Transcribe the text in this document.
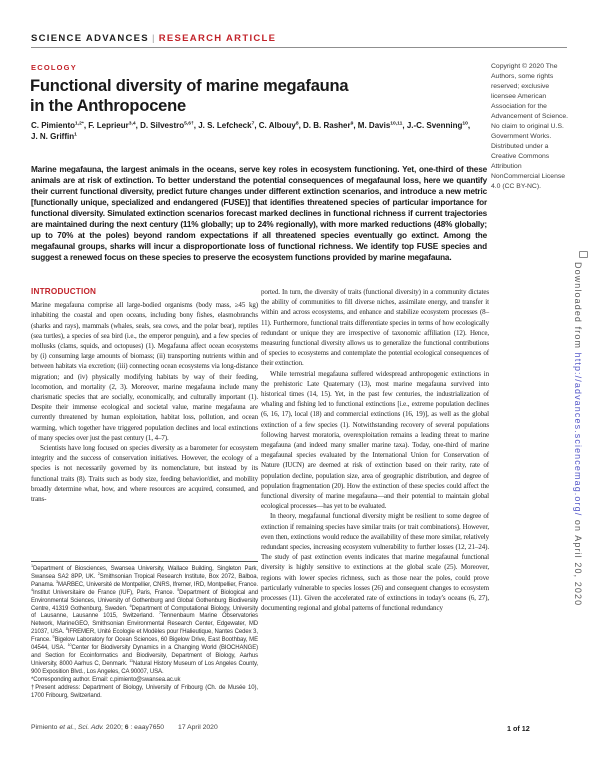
SCIENCE ADVANCES | RESEARCH ARTICLE
ECOLOGY
Functional diversity of marine megafauna
in the Anthropocene
C. Pimiento$^{1,2*}$, F. Leprieur$^{3,4}$, D. Silvestro$^{5,6\dagger}$, J. S. Lefcheck$^7$, C. Albouy$^8$, D. B. Rasher$^9$, M. Davis$^{10,11}$, J.-C. Svenning$^{10}$, J. N. Griffin$^1$

Marine megafauna, the largest animals in the oceans, serve key roles in ecosystem functioning. Yet, one-third of these animals are at risk of extinction. To better understand the potential consequences of megafaunal loss, here we quantify their current functional diversity, predict future changes under different extinction scenarios, and introduce a new metric [functionally unique, specialized and endangered (FUSE)] that identifies threatened species of particular importance for functional diversity. Simulated extinction scenarios forecast marked declines in functional richness if current trajectories are maintained during the next century (11% globally; up to 24% regionally), with more marked reductions (48% globally; up to 70% at the poles) beyond random expectations if all threatened species eventually go extinct. Among the megafaunal groups, sharks will incur a disproportionate loss of functional richness. We identify top FUSE species and suggest a renewed focus on these species to preserve the ecosystem functions provided by marine megafauna.

Copyright © 2020 The Authors, some rights reserved; exclusive licensee American Association for the Advancement of Science. No claim to original U.S. Government Works. Distributed under a Creative Commons Attribution NonCommercial License 4.0 (CC BY-NC).
Downloaded from http://advances.sciencemag.org/ on April 20, 2020
INTRODUCTION

Marine megafauna comprise all large-bodied organisms (body mass, ≥45 kg) inhabiting the coastal and open oceans, including bony fishes, elasmobranchs (sharks and rays), mammals (whales, seals, sea cows, and the polar bear), reptiles (sea turtles), a species of sea bird (i.e., the emperor penguin), and a few species of mollusks (clams, squids, and octopuses) (1). Megafauna affect ocean ecosystems by (i) consuming large amounts of biomass; (ii) transporting nutrients within and between habitats via excretion; (iii) connecting ocean ecosystems via long-distance migration; and (iv) physically modifying habitats by way of their feeding, locomotion, and mortality (2, 3). Moreover, marine megafauna include many charismatic species that are socially, economically, and culturally important (1). Despite their immense ecological and societal value, marine megafauna are currently threatened by human exploitation, habitat loss, pollution, and ocean warming, which together have triggered population declines and local extinctions of many species over just the past century (1, 4–7).

Scientists have long focused on species diversity as a barometer for ecosystem integrity and the success of conservation initiatives. However, the ecology of a species is not necessarily governed by its nomenclature, but instead by its functional traits (8). Traits such as body size, feeding behavior/diet, and mobility broadly determine what, how, and where resources are acquired, consumed, and trans-

ported. In turn, the diversity of traits (functional diversity) in a community dictates the ability of communities to fill diverse niches, assimilate energy, and transfer it within and across ecosystems, and enhance and stabilize ecosystem processes (8–11). Furthermore, functional traits differentiate species in terms of how ecologically redundant or unique they are irrespective of taxonomic affiliation (12). Hence, measuring functional diversity allows us to generalize the functional contributions of species to ecosystems and contemplate the potential ecological consequences of their extinction.

While terrestrial megafauna suffered widespread anthropogenic extinctions in the prehistoric Late Quaternary (13), most marine megafauna survived into historical times (14, 15). Yet, in the past few centuries, the industrialization of whaling and fishing led to functional extinctions [i.e., extreme population declines (6, 16, 17), local (18) and commercial extinctions (16, 19)], as well as the global extinction of a few species (1). Notwithstanding recovery of several populations following harvest moratoria, overexploitation remains a leading threat to marine megafauna (and indeed many smaller marine taxa). Today, one-third of marine megafaunal species evaluated by the International Union for Conservation of Nature (IUCN) are deemed at risk of extinction based on their rarity, rate of population decline, population size, area of geographic distribution, and degree of population fragmentation (20). How the extinction of these species could affect the functional diversity of marine megafauna—and their potential to maintain global ecological processes—has yet to be evaluated.

In theory, megafaunal functional diversity might be resilient to some degree of extinction if remaining species have similar traits (or trait combinations). However, even then, extinctions would reduce the availability of these more similar, relatively redundant species, increasing ecosystem vulnerability to further losses (12, 21–24). The study of past extinction events indicates that marine megafaunal functional diversity is highly sensitive to extinctions at the global scale (25). Moreover, regions with lower species richness, such as those near the poles, could prove particularly vulnerable to species losses (26) and consequent changes to ecosystem processes (11). Given the accelerated rate of extinctions in today's oceans (6, 27), documenting regional and global patterns of functional redundancy

$^1$Department of Biosciences, Swansea University, Wallace Building, Singleton Park, Swansea SA2 8PP, UK. $^2$Smithsonian Tropical Research Institute, Box 2072, Balboa, Panama. $^3$MARBEC, Université de Montpellier, CNRS, Ifremer, IRD, Montpellier, France. $^4$Institut Universitaire de France (IUF), Paris, France. $^5$Department of Biological and Environmental Sciences, University of Gothenburg and Global Gothenburg Biodiversity Centre, 41319 Gothenburg, Sweden. $^6$Department of Computational Biology, University of Lausanne, Lausanne 1015, Switzerland. $^7$Tennenbaum Marine Observatories Network, MarineGEO, Smithsonian Environmental Research Center, Edgewater, MD 21037, USA. $^8$IFREMER, Unité Ecologie et Modèles pour l'Halieutique, Nantes Cedex 3, France. $^9$Bigelow Laboratory for Ocean Sciences, 60 Bigelow Drive, East Boothbay, ME 04544, USA. $^{10}$Center for Biodiversity Dynamics in a Changing World (BIOCHANGE) and Section for Ecoinformatics and Biodiversity, Department of Biology, Aarhus University, 8000 Aarhus C, Denmark. $^{11}$Natural History Museum of Los Angeles County, 900 Exposition Blvd., Los Angeles, CA 90007, USA.

*Corresponding author. Email: c.pimiento@swansea.ac.uk

†Present address: Department of Biology, University of Fribourg (Ch. de Musée 10), 1700 Fribourg, Switzerland.

Pimiento et al., Sci. Adv. 2020; 6 : eaay7650 17 April 2020	1 of 12
